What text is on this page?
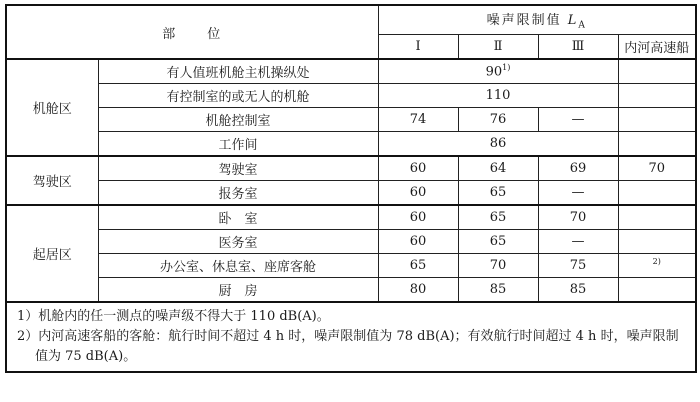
部　　位		噪声限制值 $L_A$
		Ⅰ	Ⅱ	Ⅲ	内河高速船
机舱区	有人值班机舱主机操纵处	90$^{1)}$	
	有控制室的或无人的机舱	110			
	机舱控制室	74	76	—	
	工作间	86			
驾驶区	驾驶室	60	64	69	70
	报务室	60	65	—	
起居区	卧　室	60	65	70	
	医务室	60	65	—	
	办公室、休息室、座席客舱	65	70	75	$^{2)}$
	厨　房	80	85	85	

1）机舱内的任一测点的噪声级不得大于 110 dB(A)。
2）内河高速客船的客舱：航行时间不超过 4 h 时，噪声限制值为 78 dB(A)；有效航行时间超过 4 h 时，噪声限制
值为 75 dB(A)。					
